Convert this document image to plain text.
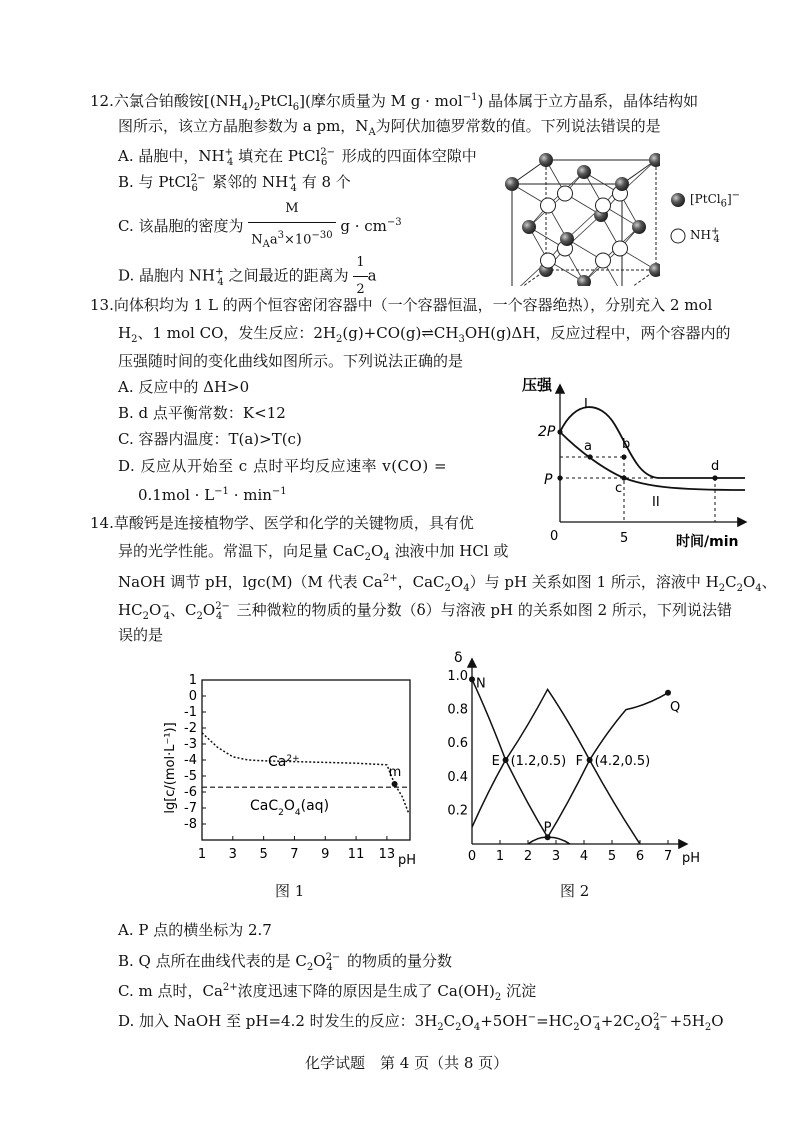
12.六氯合铂酸铵$[(NH_4)_2PtCl_6]$(摩尔质量为 M g · mol$^{-1}$) 晶体属于立方晶系，晶体结构如
图所示，该立方晶胞参数为 a pm，$N_A$为阿伏加德罗常数的值。下列说法错误的是
A. 晶胞中，$NH^+_4$ 填充在 PtCl$^{2-}_6$ 形成的四面体空隙中
B. 与 PtCl$^{2-}_6$ 紧邻的 $NH^+_4$ 有 8 个
C. 该晶胞的密度为 $\frac{M}{N_Aa^3\times 10^{-30}}$ $g \cdot cm^{-3}$
D. 晶胞内 $NH^+_4$ 之间最近的距离为 $\frac{1}{2}$ a
[PtCl$_6$]−
$NH^+_4$
13.向体积均为 1 L 的两个恒容密闭容器中（一个容器恒温，一个容器绝热），分别充入 2 mol
$H_2$、1 mol CO，发生反应：$2H_2(g)+CO(g)\rightleftharpoons CH_3OH(g)\Delta H$，反应过程中，两个容器内的
压强随时间的变化曲线如图所示。下列说法正确的是
A. 反应中的 ΔH>0
B. d 点平衡常数：K<12
C. 容器内温度：T(a)>T(c)
D. 反应从开始至 c 点时平均反应速率 v(CO) =
$0.1mol \cdot L^{-1} \cdot \min^{-1}$
压强
时间/min
0	5
2P
P
a b
c
d
I
II
14.草酸钙是连接植物学、医学和化学的关键物质，具有优
异的光学性能。常温下，向足量 $CaC_2O_4$ 浊液中加 HCl 或
NaOH 调节 pH，lgc(M)（M 代表 $Ca^{2+}$，$CaC_2O_4$）与 pH 关系如图 1 所示，溶液中 $H_2C_2O_4$、
$HC_2O^-_4$、$C_2O^{2-}_4$ 三种微粒的物质的量分数（δ）与溶液 pH 的关系如图 2 所示，下列说法错
误的是
1
0
-1
-2
-3
-4
-5
-6
-7
-8
1 3 5 7 9 11 13 pH
lg[c/(mol·L⁻¹)]	m
$Ca^{2+}$
$CaC_2O_4(aq)$
图 1
δ
pH
0.2
0.4
0.6
0.8
1.0
0 1 2 3 4 5 6 7
N
E (1.2,0.5) F (4.2,0.5)
P
Q
图 2
A. P 点的横坐标为 2.7
B. Q 点所在曲线代表的是 $C_2O^{2-}_4$ 的物质的量分数
C. m 点时，$Ca^{2+}$浓度迅速下降的原因是生成了 $Ca(OH)_2$ 沉淀
D. 加入 NaOH 至 pH=4.2 时发生的反应：$3H_2C_2O_4+5OH^-=HC_2O^-_4+2C_2O^{2-}_4 +5H_2O$
化学试题　第 4 页（共 8 页）
